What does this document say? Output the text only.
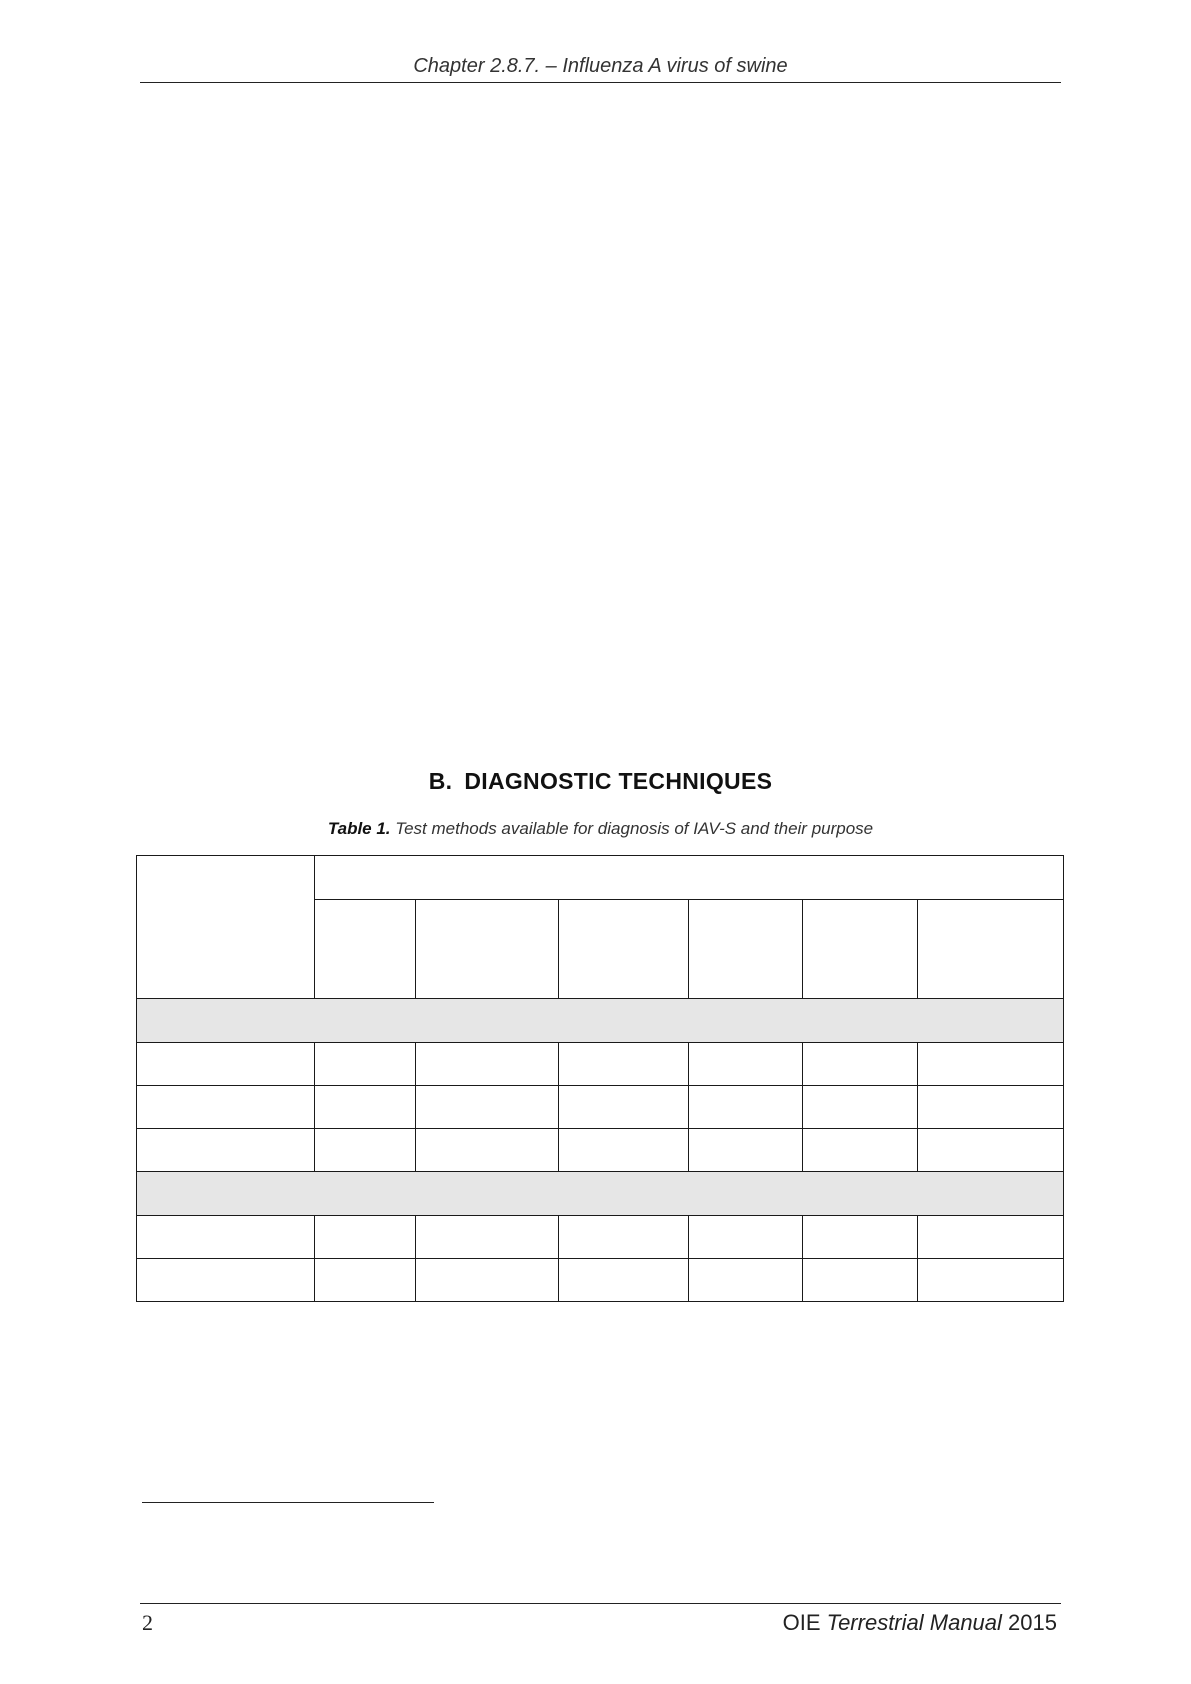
Chapter 2.8.7. – Influenza A virus of swine
B. DIAGNOSTIC TECHNIQUES
Table 1. Test methods available for diagnosis of IAV-S and their purpose

2	OIE Terrestrial Manual 2015
